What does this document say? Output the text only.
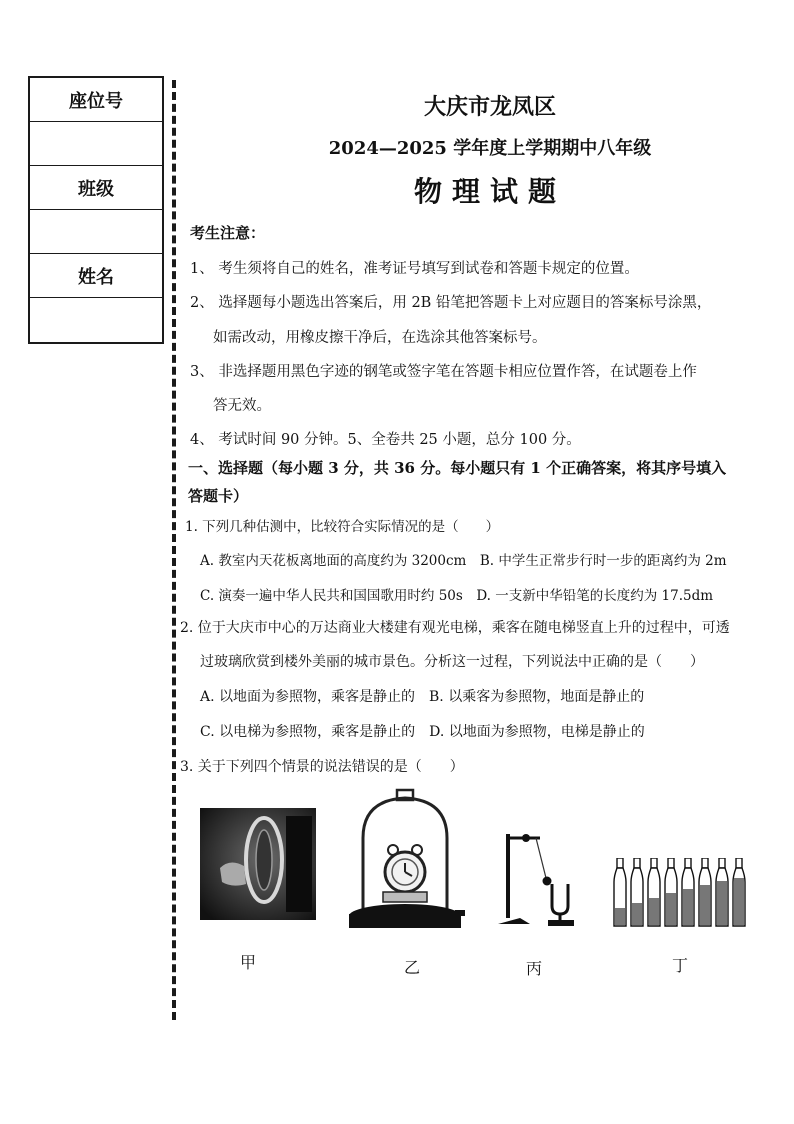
座位号
班级
姓名
大庆市龙凤区
2024—2025 学年度上学期期中八年级
物理试题
考生注意：
1、 考生须将自己的姓名，准考证号填写到试卷和答题卡规定的位置。
2、 选择题每小题选出答案后，用 2B 铅笔把答题卡上对应题目的答案标号涂黑，
如需改动，用橡皮擦干净后，在选涂其他答案标号。
3、 非选择题用黑色字迹的钢笔或签字笔在答题卡相应位置作答，在试题卷上作
答无效。
4、 考试时间 90 分钟。5、全卷共 25 小题，总分 100 分。
一、选择题（每小题 3 分，共 36 分。每小题只有 1 个正确答案，将其序号填入
答题卡）
1. 下列几种估测中，比较符合实际情况的是（　　）
A. 教室内天花板离地面的高度约为 3200cm　B. 中学生正常步行时一步的距离约为 2m
C. 演奏一遍中华人民共和国国歌用时约 50s　D. 一支新中华铅笔的长度约为 17.5dm
2. 位于大庆市中心的万达商业大楼建有观光电梯，乘客在随电梯竖直上升的过程中，可透
过玻璃欣赏到楼外美丽的城市景色。分析这一过程，下列说法中正确的是（　　）
A. 以地面为参照物，乘客是静止的　B. 以乘客为参照物，地面是静止的
C. 以电梯为参照物，乘客是静止的　D. 以地面为参照物，电梯是静止的
3. 关于下列四个情景的说法错误的是（　　）
甲	乙	丙	丁
